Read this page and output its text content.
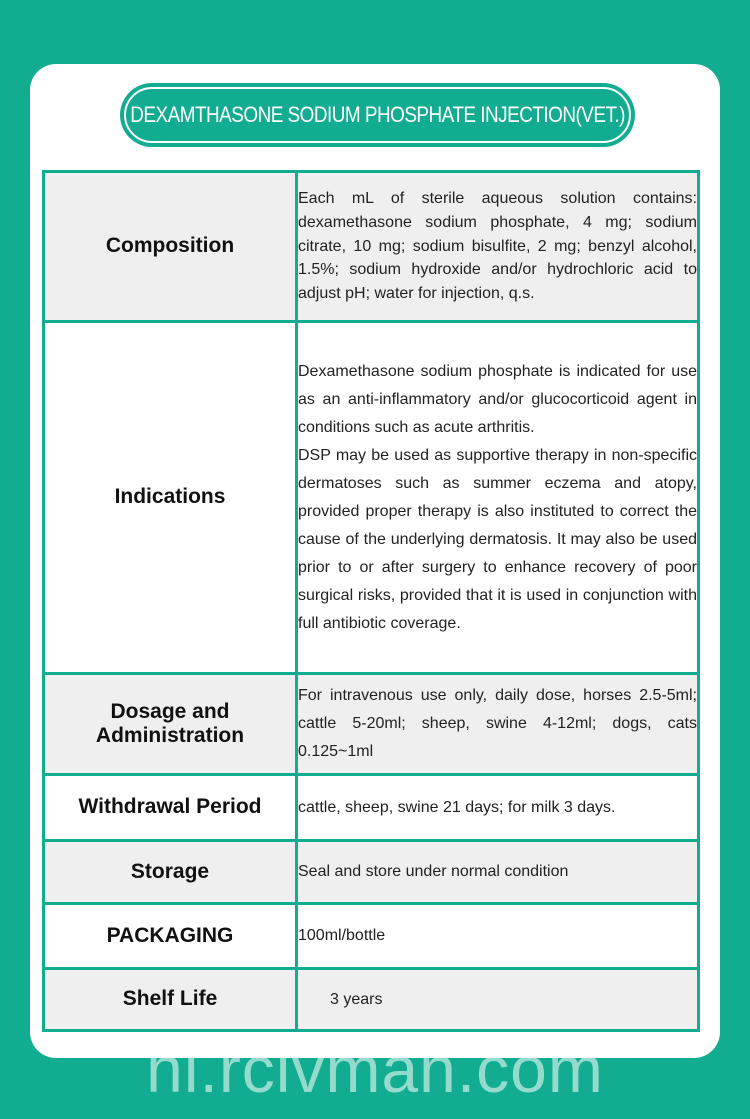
DEXAMTHASONE SODIUM PHOSPHATE INJECTION(VET.)
Composition	Each mL of sterile aqueous solution contains: dexamethasone sodium phosphate, 4 mg; sodium citrate, 10 mg; sodium bisulfite, 2 mg; benzyl alcohol, 1.5%; sodium hydroxide and/or hydrochloric acid to adjust pH; water for injection, q.s.

Indications	Dexamethasone sodium phosphate is indicated for use as an anti-inflammatory and/or glucocorticoid agent in conditions such as acute arthritis.

DSP may be used as supportive therapy in non-specific dermatoses such as summer eczema and atopy, provided proper therapy is also instituted to correct the cause of the underlying dermatosis. It may also be used prior to or after surgery to enhance recovery of poor surgical risks, provided that it is used in conjunction with full antibiotic coverage.

Dosage and Administration	For intravenous use only, daily dose, horses 2.5-5ml; cattle 5-20ml; sheep, swine 4-12ml; dogs, cats 0.125~1ml

Withdrawal Period	cattle, sheep, swine 21 days; for milk 3 days.

Storage	Seal and store under normal condition

PACKAGING	100ml/bottle

Shelf Life	3 years

hi.rclvman.com
